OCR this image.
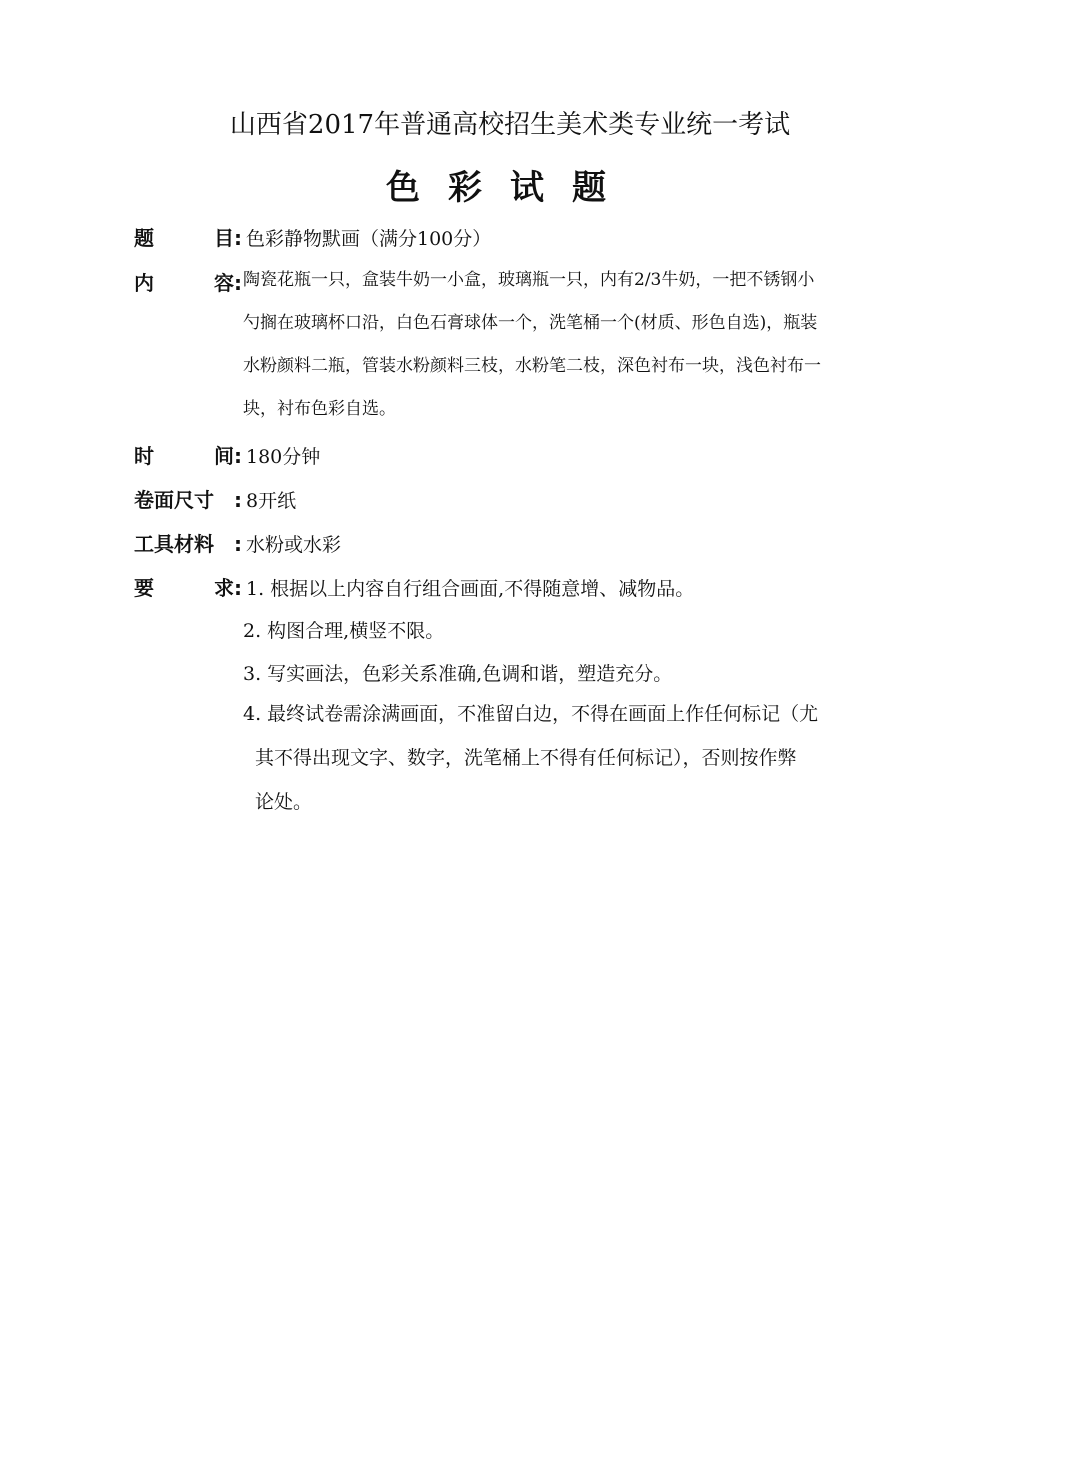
山西省2017年普通高校招生美术类专业统一考试
色彩试题
题	目 : 色彩静物默画（满分100分）
内	容 : 陶瓷花瓶一只，盒装牛奶一小盒，玻璃瓶一只，内有2/3牛奶，一把不锈钢小
勺搁在玻璃杯口沿，白色石膏球体一个，洗笔桶一个(材质、形色自选)，瓶装
水粉颜料二瓶，管装水粉颜料三枝，水粉笔二枝，深色衬布一块，浅色衬布一
块，衬布色彩自选。
时	间 : 180分钟
卷面尺寸	: 8开纸
工具材料	: 水粉或水彩
要	求 : 1. 根据以上内容自行组合画面,不得随意增、减物品。
2. 构图合理,横竖不限。
3. 写实画法，色彩关系准确,色调和谐，塑造充分。
4. 最终试卷需涂满画面，不准留白边，不得在画面上作任何标记（尤
其不得出现文字、数字，洗笔桶上不得有任何标记），否则按作弊
论处。
